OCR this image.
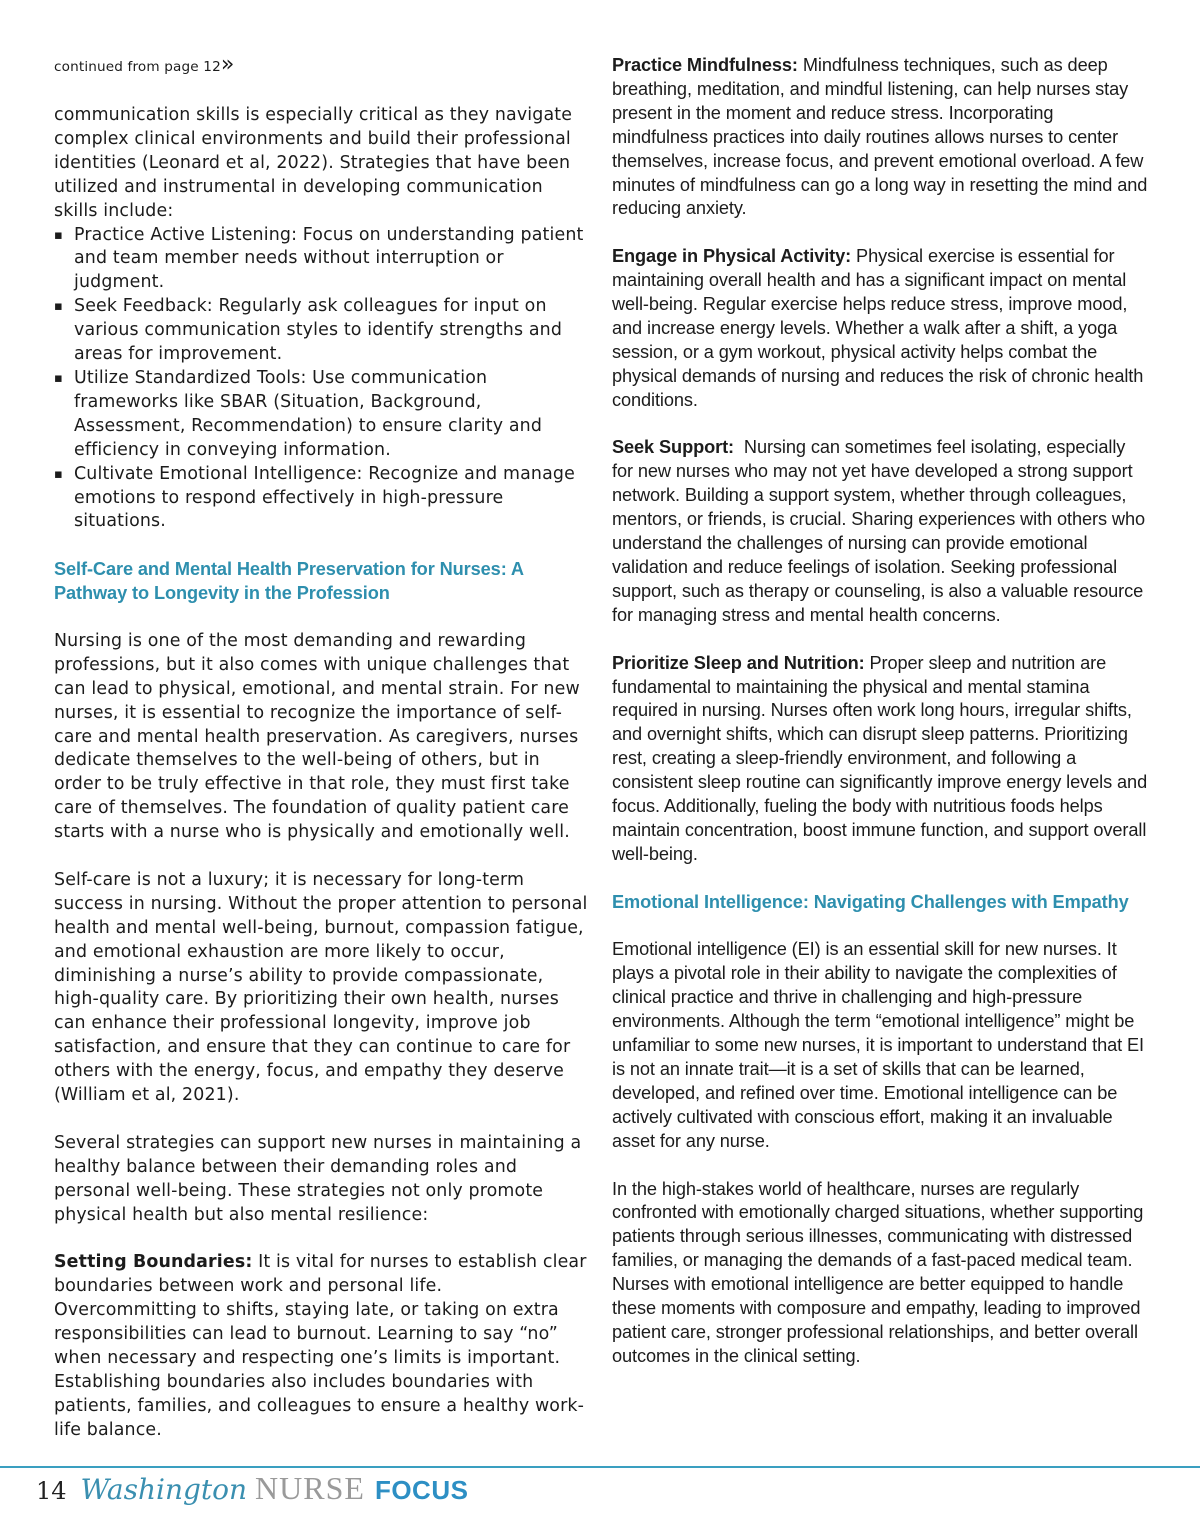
continued from page 12»

communication skills is especially critical as they navigate complex clinical environments and build their professional identities (Leonard et al, 2022). Strategies that have been utilized and instrumental in developing communication skills include:

▪ Practice Active Listening: Focus on understanding patient and team member needs without interruption or judgment.
▪ Seek Feedback: Regularly ask colleagues for input on various communication styles to identify strengths and areas for improvement.
▪ Utilize Standardized Tools: Use communication frameworks like SBAR (Situation, Background, Assessment, Recommendation) to ensure clarity and efficiency in conveying information.
▪ Cultivate Emotional Intelligence: Recognize and manage emotions to respond effectively in high-pressure situations.
Self-Care and Mental Health Preservation for Nurses: A Pathway to Longevity in the Profession

Nursing is one of the most demanding and rewarding professions, but it also comes with unique challenges that can lead to physical, emotional, and mental strain. For new nurses, it is essential to recognize the importance of self-care and mental health preservation. As caregivers, nurses dedicate themselves to the well-being of others, but in order to be truly effective in that role, they must first take care of themselves. The foundation of quality patient care starts with a nurse who is physically and emotionally well.

Self-care is not a luxury; it is necessary for long-term success in nursing. Without the proper attention to personal health and mental well-being, burnout, compassion fatigue, and emotional exhaustion are more likely to occur, diminishing a nurse’s ability to provide compassionate, high-quality care. By prioritizing their own health, nurses can enhance their professional longevity, improve job satisfaction, and ensure that they can continue to care for others with the energy, focus, and empathy they deserve (William et al, 2021).

Several strategies can support new nurses in maintaining a healthy balance between their demanding roles and personal well-being. These strategies not only promote physical health but also mental resilience:

Setting Boundaries: It is vital for nurses to establish clear boundaries between work and personal life. Overcommitting to shifts, staying late, or taking on extra responsibilities can lead to burnout. Learning to say “no” when necessary and respecting one’s limits is important. Establishing boundaries also includes boundaries with patients, families, and colleagues to ensure a healthy work-life balance.

Practice Mindfulness: Mindfulness techniques, such as deep breathing, meditation, and mindful listening, can help nurses stay present in the moment and reduce stress. Incorporating mindfulness practices into daily routines allows nurses to center themselves, increase focus, and prevent emotional overload. A few minutes of mindfulness can go a long way in resetting the mind and reducing anxiety.

Engage in Physical Activity: Physical exercise is essential for maintaining overall health and has a significant impact on mental well-being. Regular exercise helps reduce stress, improve mood, and increase energy levels. Whether a walk after a shift, a yoga session, or a gym workout, physical activity helps combat the physical demands of nursing and reduces the risk of chronic health conditions.

Seek Support:  Nursing can sometimes feel isolating, especially for new nurses who may not yet have developed a strong support network. Building a support system, whether through colleagues, mentors, or friends, is crucial. Sharing experiences with others who understand the challenges of nursing can provide emotional validation and reduce feelings of isolation. Seeking professional support, such as therapy or counseling, is also a valuable resource for managing stress and mental health concerns.

Prioritize Sleep and Nutrition: Proper sleep and nutrition are fundamental to maintaining the physical and mental stamina required in nursing. Nurses often work long hours, irregular shifts, and overnight shifts, which can disrupt sleep patterns. Prioritizing rest, creating a sleep-friendly environment, and following a consistent sleep routine can significantly improve energy levels and focus. Additionally, fueling the body with nutritious foods helps maintain concentration, boost immune function, and support overall well-being.

Emotional Intelligence: Navigating Challenges with Empathy

Emotional intelligence (EI) is an essential skill for new nurses. It plays a pivotal role in their ability to navigate the complexities of clinical practice and thrive in challenging and high-pressure environments. Although the term “emotional intelligence” might be unfamiliar to some new nurses, it is important to understand that EI is not an innate trait—it is a set of skills that can be learned, developed, and refined over time. Emotional intelligence can be actively cultivated with conscious effort, making it an invaluable asset for any nurse.

In the high-stakes world of healthcare, nurses are regularly confronted with emotionally charged situations, whether supporting patients through serious illnesses, communicating with distressed families, or managing the demands of a fast-paced medical team. Nurses with emotional intelligence are better equipped to handle these moments with composure and empathy, leading to improved patient care, stronger professional relationships, and better overall outcomes in the clinical setting.

14 Washington NURSE FOCUS
